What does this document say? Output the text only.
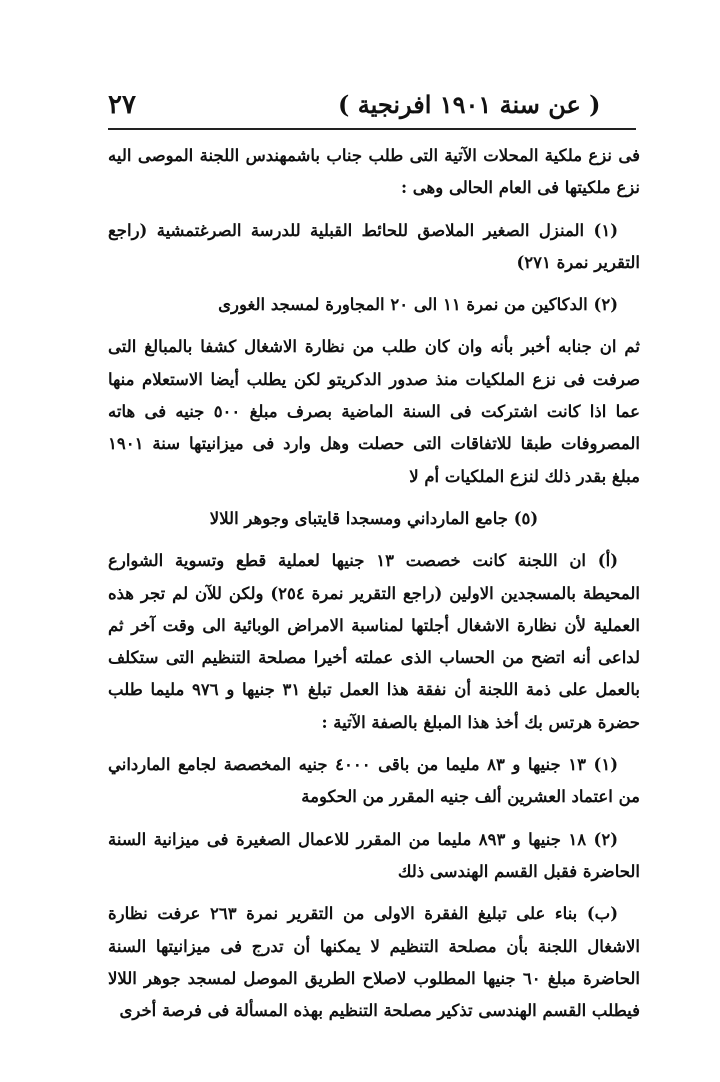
٢٧	( عن سنة ١٩٠١ افرنجية )

فى نزع ملكية المحلات الآتية التى طلب جناب باشمهندس اللجنة الموصى اليه نزع ملكيتها فى العام الحالى وهى :

(١) المنزل الصغير الملاصق للحائط القبلية للدرسة الصرغتمشية (راجع التقرير نمرة ٢٧١)

(٢) الدكاكين من نمرة ١١ الى ٢٠ المجاورة لمسجد الغورى

ثم ان جنابه أخبر بأنه وان كان طلب من نظارة الاشغال كشفا بالمبالغ التى صرفت فى نزع الملكيات منذ صدور الدكريتو لكن يطلب أيضا الاستعلام منها عما اذا كانت اشتركت فى السنة الماضية بصرف مبلغ ٥٠٠ جنيه فى هاته المصروفات طبقا للاتفاقات التى حصلت وهل وارد فى ميزانيتها سنة ١٩٠١ مبلغ بقدر ذلك لنزع الملكيات أم لا

(٥) جامع المارداني ومسجدا قايتباى وجوهر اللالا

(أ) ان اللجنة كانت خصصت ١٣ جنيها لعملية قطع وتسوية الشوارع المحيطة بالمسجدين الاولين (راجع التقرير نمرة ٢٥٤) ولكن للآن لم تجر هذه العملية لأن نظارة الاشغال أجلتها لمناسبة الامراض الوبائية الى وقت آخر ثم لداعى أنه اتضح من الحساب الذى عملته أخيرا مصلحة التنظيم التى ستكلف بالعمل على ذمة اللجنة أن نفقة هذا العمل تبلغ ٣١ جنيها و ٩٧٦ مليما طلب حضرة هرتس بك أخذ هذا المبلغ بالصفة الآتية :

(١) ١٣ جنيها و ٨٣ مليما من باقى ٤٠٠٠ جنيه المخصصة لجامع المارداني من اعتماد العشرين ألف جنيه المقرر من الحكومة

(٢) ١٨ جنيها و ٨٩٣ مليما من المقرر للاعمال الصغيرة فى ميزانية السنة الحاضرة فقبل القسم الهندسى ذلك

(ب) بناء على تبليغ الفقرة الاولى من التقرير نمرة ٢٦٣ عرفت نظارة الاشغال اللجنة بأن مصلحة التنظيم لا يمكنها أن تدرج فى ميزانيتها السنة الحاضرة مبلغ ٦٠ جنيها المطلوب لاصلاح الطريق الموصل لمسجد جوهر اللالا فيطلب القسم الهندسى تذكير مصلحة التنظيم بهذه المسألة فى فرصة أخرى
